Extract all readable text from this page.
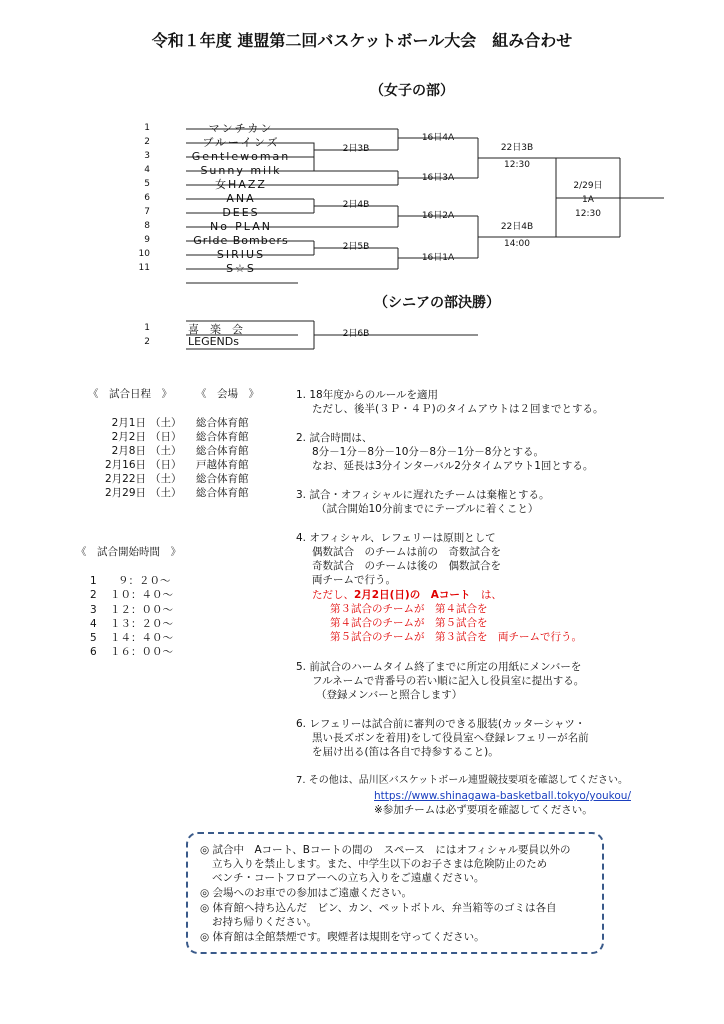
令和１年度 連盟第二回バスケットボール大会　組み合わせ
（女子の部）
1	マンチカン
2	ブルーインズ
3	Gentlewoman
4	Sunny milk
5	女HAZZ
6	ANA
7	DEES
8	No-PLAN
9	GrIde Bombers
10	SIRIUS
11	S☆S
2日3B
2日4B
2日5B
16日4A
16日3A
16日2A
16日1A
22日3B
12:30
22日4B
14:00
2/29日
1A
12:30
（シニアの部決勝）
1	喜　楽　会
2	LEGENDs
2日6B
《　試合日程　》 《　会場　》
2月1日 （土） 総合体育館
2月2日 （日） 総合体育館
2月8日 （土） 総合体育館
2月16日 （日） 戸越体育館
2月22日 （土） 総合体育館
2月29日 （土） 総合体育館
《　試合開始時間　》
1 ９：２０～
2 １０：４０～
3 １２：００～
4 １３：２０～
5 １４：４０～
6 １６：００～
1. 18年度からのルールを適用
ただし、後半(３Ｐ・４Ｐ)のタイムアウトは２回までとする。
2. 試合時間は、
8分－1分－8分－10分－8分－1分－8分とする。
なお、延長は3分インターバル2分タイムアウト1回とする。
3. 試合・オフィシャルに遅れたチームは棄権とする。
（試合開始10分前までにテーブルに着くこと）
4. オフィシャル、レフェリーは原則として
偶数試合　のチームは前の　奇数試合を
奇数試合　のチームは後の　偶数試合を
両チームで行う。
ただし、2月2日(日)の　Aコート　は、
第３試合のチームが　第４試合を
第４試合のチームが　第５試合を
第５試合のチームが　第３試合を　両チームで行う。
5. 前試合のハームタイム終了までに所定の用紙にメンバーを
フルネームで背番号の若い順に記入し役員室に提出する。
（登録メンバーと照合します）
6. レフェリーは試合前に審判のできる服装(カッターシャツ・
黒い長ズボンを着用)をして役員室へ登録レフェリーが名前
を届け出る(笛は各自で持参すること)。
7. その他は、品川区バスケットボール連盟競技要項を確認してください。
https://www.shinagawa-basketball.tokyo/youkou/
※参加チームは必ず要項を確認してください。
◎ 試合中　Aコート、Bコートの間の　スペース　にはオフィシャル要員以外の
立ち入りを禁止します。また、中学生以下のお子さまは危険防止のため
ベンチ・コートフロアーへの立ち入りをご遠慮ください。
◎ 会場へのお車での参加はご遠慮ください。
◎ 体育館へ持ち込んだ　ビン、カン、ペットボトル、弁当箱等のゴミは各自
お持ち帰りください。
◎ 体育館は全館禁煙です。喫煙者は規則を守ってください。
